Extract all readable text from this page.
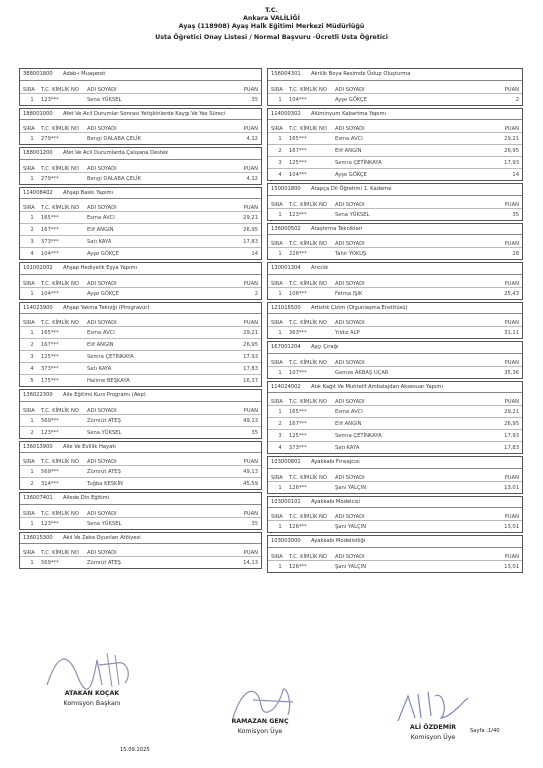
T.C.
Ankara VALİLİĞİ
Ayaş (118908) Ayaş Halk Eğitimi Merkezi Müdürlüğü
Usta Öğretici Onay Listesi / Normal Başvuru -Ücretli Usta Öğretici
388001800	Adab-ı Muaşeret
SIRA	T.C. KİMLİK NO	ADI SOYADI	PUAN
1	123***	Sena YÜKSEL	35
188001000	Afet Ve Acil Durumlar Sonrası Yetişkinlerde Kaygı Ve Yas Süreci
SIRA	T.C. KİMLİK NO	ADI SOYADI	PUAN
1	279***	Bengi DALABA ÇELİK	4,12
188001200	Afet Ve Acil Durumlarda Çalışana Destek
SIRA	T.C. KİMLİK NO	ADI SOYADI	PUAN
1	279***	Bengi DALABA ÇELİK	4,12
114008402	Ahşap Baskı Yapımı
SIRA	T.C. KİMLİK NO	ADI SOYADI	PUAN
1	165***	Esma AVCI	29,21
2	167***	Elif ANGIN	26,95
3	373***	Satı KAYA	17,83
4	104***	Ayşe GÖKÇE	14
101002002	Ahşap Hediyelik Eşya Yapımı
SIRA	T.C. KİMLİK NO	ADI SOYADI	PUAN
1	104***	Ayşe GÖKÇE	2
114023900	Ahşap Yakma Tekniği (Pirogravür)
SIRA	T.C. KİMLİK NO	ADI SOYADI	PUAN
1	165***	Esma AVCI	29,21
2	167***	Elif ANGIN	26,95
3	125***	Semra ÇETİNKAYA	17,93
4	373***	Satı KAYA	17,83
5	175***	Halime BEŞKAYA	16,37
136022300	Aile Eğitimi Kurs Programı (Aep)
SIRA	T.C. KİMLİK NO	ADI SOYADI	PUAN
1	569***	Zümrüt ATEŞ	49,13
2	123***	Sena YÜKSEL	35
136013900	Aile Ve Evlilik Hayatı
SIRA	T.C. KİMLİK NO	ADI SOYADI	PUAN
1	569***	Zümrüt ATEŞ	49,13
2	314***	Tuğba KESKİN	45,59
136007401	Ailede Din Eğitimi
SIRA	T.C. KİMLİK NO	ADI SOYADI	PUAN
1	123***	Sena YÜKSEL	35
136015300	Akıl Ve Zeka Oyunları Atölyesi
SIRA	T.C. KİMLİK NO	ADI SOYADI	PUAN
1	569***	Zümrüt ATEŞ	14,13
156004301	Akrilik Boya Resimde Üslup Oluşturma
SIRA	T.C. KİMLİK NO	ADI SOYADI	PUAN
1	104***	Ayşe GÖKÇE	2
114000302	Alüminyum Kabartma Yapımı
SIRA	T.C. KİMLİK NO	ADI SOYADI	PUAN
1	165***	Esma AVCI	29,21
2	167***	Elif ANGIN	26,95
3	125***	Semra ÇETİNKAYA	17,93
4	104***	Ayşe GÖKÇE	14
150001800	Arapça Dil Öğretimi 1. Kademe
SIRA	T.C. KİMLİK NO	ADI SOYADI	PUAN
1	123***	Sena YÜKSEL	35
136000502	Araştırma Teknikleri
SIRA	T.C. KİMLİK NO	ADI SOYADI	PUAN
1	226***	Tahir YOKUŞ	28
130001304	Arıcılık
SIRA	T.C. KİMLİK NO	ADI SOYADI	PUAN
1	106***	Fatma IŞIK	25,43
121016500	Artistik Çizim (Olgunlaşma Enstitüsü)
SIRA	T.C. KİMLİK NO	ADI SOYADI	PUAN
1	363***	Yıldız ALP	31,11
167001204	Aşçı Çırağı
SIRA	T.C. KİMLİK NO	ADI SOYADI	PUAN
1	107***	Gamze AKBAŞ UÇAR	35,36
114024002	Atık Kağıt Ve Muhtelif Ambalajdan Aksesuar Yapımı
SIRA	T.C. KİMLİK NO	ADI SOYADI	PUAN
1	165***	Esma AVCI	29,21
2	167***	Elif ANGIN	26,95
3	125***	Semra ÇETİNKAYA	17,93
4	373***	Satı KAYA	17,83
103000801	Ayakkabı Fırısajcısı
SIRA	T.C. KİMLİK NO	ADI SOYADI	PUAN
1	126***	Şani YALÇIN	13,01
103000101	Ayakkabı Modelcisi
SIRA	T.C. KİMLİK NO	ADI SOYADI	PUAN
1	126***	Şani YALÇIN	13,01
103003000	Ayakkabı Modelistliği
SIRA	T.C. KİMLİK NO	ADI SOYADI	PUAN
1	126***	Şani YALÇIN	13,01
ATAKAN KOÇAK
Komisyon Başkanı
RAMAZAN GENÇ
Komisyon Üye
ALİ ÖZDEMİR
Komisyon Üye
15.09.2025
Sayfa :1/40
